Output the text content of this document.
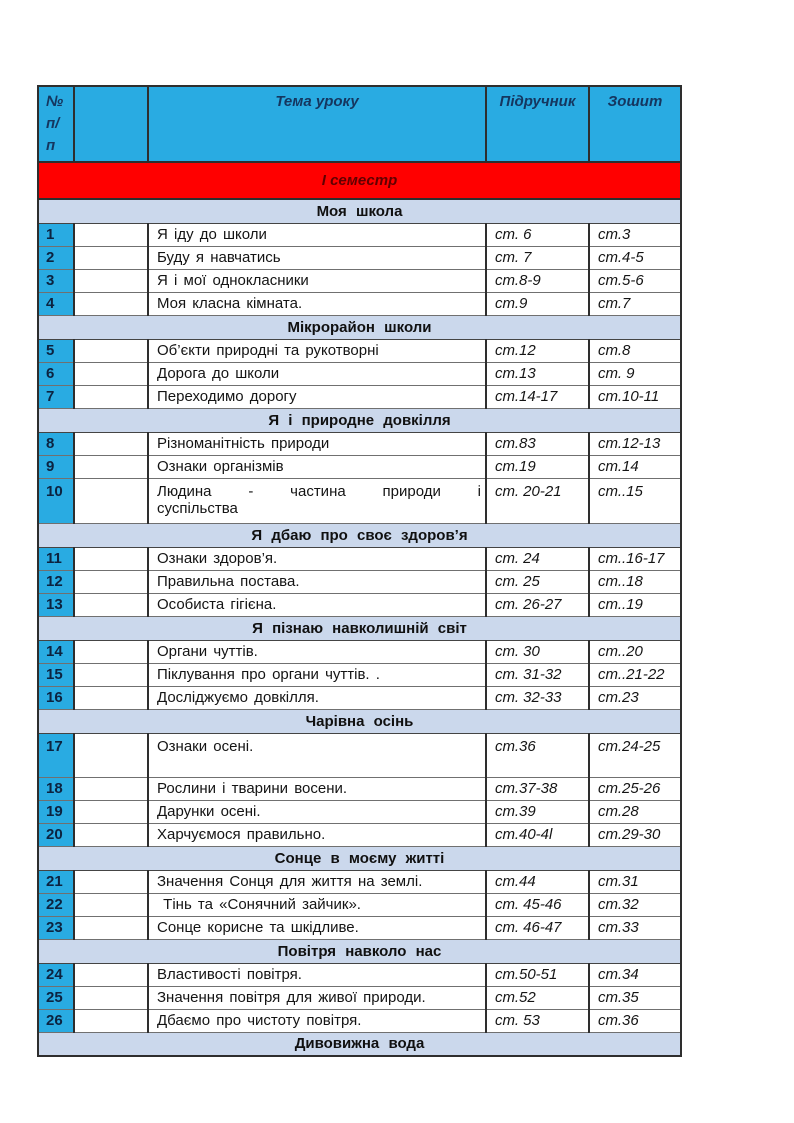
№ п/п		Тема уроку	Підручник	Зошит
І семестр				
Моя школа				
1		Я іду до школи	ст. 6	ст.3
2		Буду я навчатись	ст. 7	ст.4-5
3		Я і мої однокласники	ст.8-9	ст.5-6
4		Моя класна кімната.	ст.9	ст.7
Мікрорайон школи				
5		Об’єкти природні та рукотворні	ст.12	ст.8
6		Дорога до школи	ст.13	ст. 9
7		Переходимо дорогу	ст.14-17	ст.10-11
Я і природне довкілля				
8		Різноманітність природи	ст.83	ст.12-13
9		Ознаки організмів	ст.19	ст.14
10		Людина - частина природи і суспільства	ст. 20-21	ст..15
Я дбаю про своє здоров’я				
11		Ознаки здоров’я.	ст. 24	ст..16-17
12		Правильна постава.	ст. 25	ст..18
13		Особиста гігієна.	ст. 26-27	ст..19
Я пізнаю навколишній світ				
14		Органи чуттів.	ст. 30	ст..20
15		Піклування про органи чуттів. .	ст. 31-32	ст..21-22
16		Досліджуємо довкілля.	ст. 32-33	ст.23
Чарівна осінь				
17		Ознаки осені.	ст.36	ст.24-25
18		Рослини і тварини восени.	ст.37-38	ст.25-26
19		Дарунки осені.	ст.39	ст.28
20		Харчуємося правильно.	ст.40-4l	ст.29-30
Сонце в моєму житті				
21		Значення Сонця для життя на землі.	ст.44	ст.31
22		Тінь та «Сонячний зайчик».	ст. 45-46	ст.32
23		Сонце корисне та шкідливе.	ст. 46-47	ст.33
Повітря навколо нас				
24		Властивості повітря.	ст.50-51	ст.34
25		Значення повітря для живої природи.	ст.52	ст.35
26		Дбаємо про чистоту повітря.	ст. 53	ст.36
Дивовижна вода				
